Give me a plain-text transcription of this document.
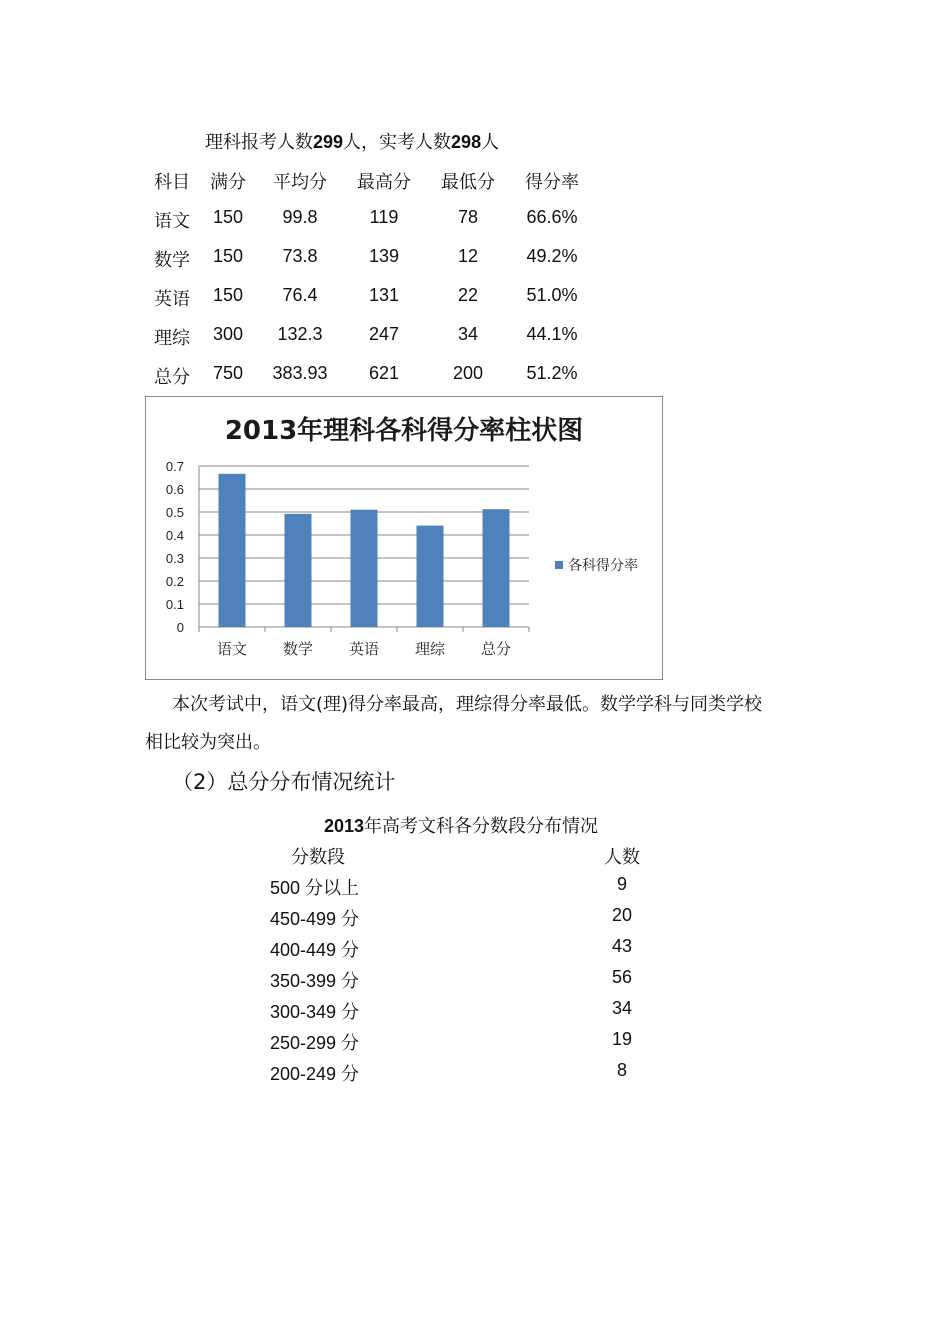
理科报考人数299人，实考人数298人
科目 满分 平均分 最高分 最低分 得分率
语文 150 99.8	119	78	66.6%
数学 150 73.8	139	12	49.2%
英语 150 76.4	131	22	51.0%
理综 300 132.3	247	34	44.1%
总分 750 383.93 621	200 51.2%
2013年理科各科得分率柱状图
0
0.1
0.2
0.3
0.4
0.5
0.6
0.7
语文 数学 英语 理综 总分
各科得分率
本次考试中，语文(理)得分率最高，理综得分率最低。数学学科与同类学校
相比较为突出。
（2）总分分布情况统计
2013年高考文科各分数段分布情况
分数段	人数
500 分以上	9
450-499 分	20
400-449 分	43
350-399 分	56
300-349 分	34
250-299 分	19
200-249 分	8
